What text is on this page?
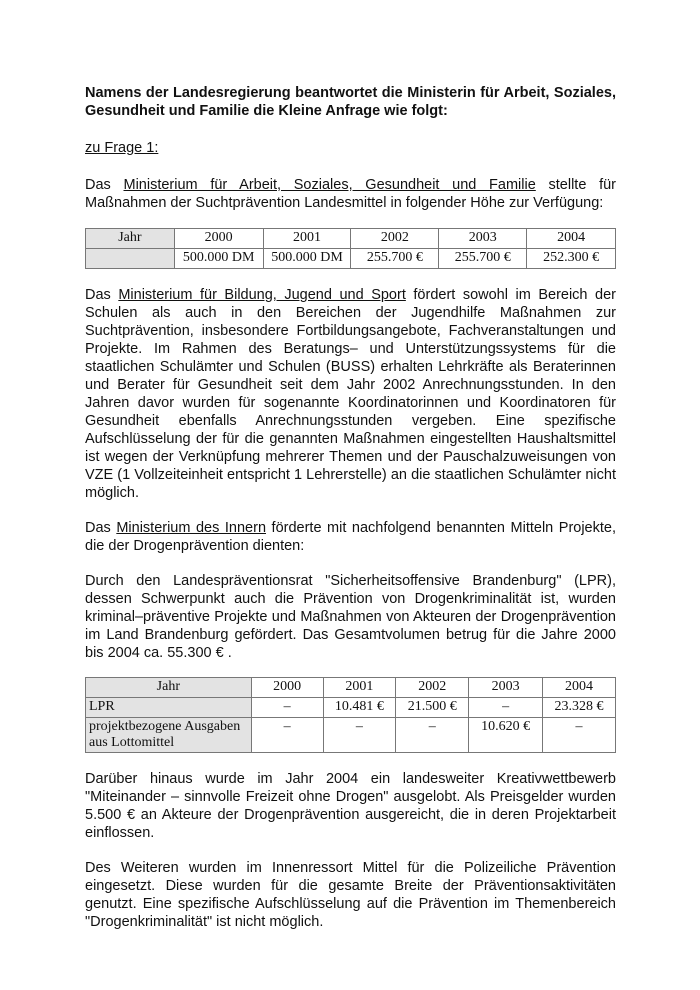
Namens der Landesregierung beantwortet die Ministerin für Arbeit, Soziales, Gesundheit und Familie die Kleine Anfrage wie folgt:

zu Frage 1:

Das Ministerium für Arbeit, Soziales, Gesundheit und Familie stellte für Maßnahmen der Suchtprävention Landesmittel in folgender Höhe zur Verfügung:

Jahr	2000	2001	2002	2003	2004
	500.000 DM	500.000 DM	255.700 €	255.700 €	252.300 €

Das Ministerium für Bildung, Jugend und Sport fördert sowohl im Bereich der Schulen als auch in den Bereichen der Jugendhilfe Maßnahmen zur Suchtprävention, insbesondere Fortbildungsangebote, Fachveranstaltungen und Projekte. Im Rahmen des Beratungs‒ und Unterstützungssystems für die staatlichen Schulämter und Schulen (BUSS) erhalten Lehrkräfte als Beraterinnen und Berater für Gesundheit seit dem Jahr 2002 Anrechnungsstunden. In den Jahren davor wurden für sogenannte Koordinatorinnen und Koordinatoren für Gesundheit ebenfalls Anrechnungsstunden vergeben. Eine spezifische Aufschlüsselung der für die genannten Maßnahmen eingestellten Haushaltsmittel ist wegen der Verknüpfung mehrerer Themen und der Pauschalzuweisungen von VZE (1 Vollzeiteinheit entspricht 1 Lehrerstelle) an die staatlichen Schulämter nicht möglich.

Das Ministerium des Innern förderte mit nachfolgend benannten Mitteln Projekte, die der Drogenprävention dienten:

Durch den Landespräventionsrat "Sicherheitsoffensive Brandenburg" (LPR), dessen Schwerpunkt auch die Prävention von Drogenkriminalität ist, wurden kriminal‒präventive Projekte und Maßnahmen von Akteuren der Drogenprävention im Land Brandenburg gefördert. Das Gesamtvolumen betrug für die Jahre 2000 bis 2004 ca. 55.300 € .

Jahr	2000	2001	2002	2003	2004
LPR	‒	10.481 €	21.500 €	‒	23.328 €
projektbezogene Ausgaben aus Lottomittel	‒	‒	‒	10.620 €	‒

Darüber hinaus wurde im Jahr 2004 ein landesweiter Kreativwettbewerb "Miteinander ‒ sinnvolle Freizeit ohne Drogen" ausgelobt. Als Preisgelder wurden 5.500 € an Akteure der Drogenprävention ausgereicht, die in deren Projektarbeit einflossen.

Des Weiteren wurden im Innenressort Mittel für die Polizeiliche Prävention eingesetzt. Diese wurden für die gesamte Breite der Präventionsaktivitäten genutzt. Eine spezifische Aufschlüsselung auf die Prävention im Themenbereich "Drogenkriminalität" ist nicht möglich.
